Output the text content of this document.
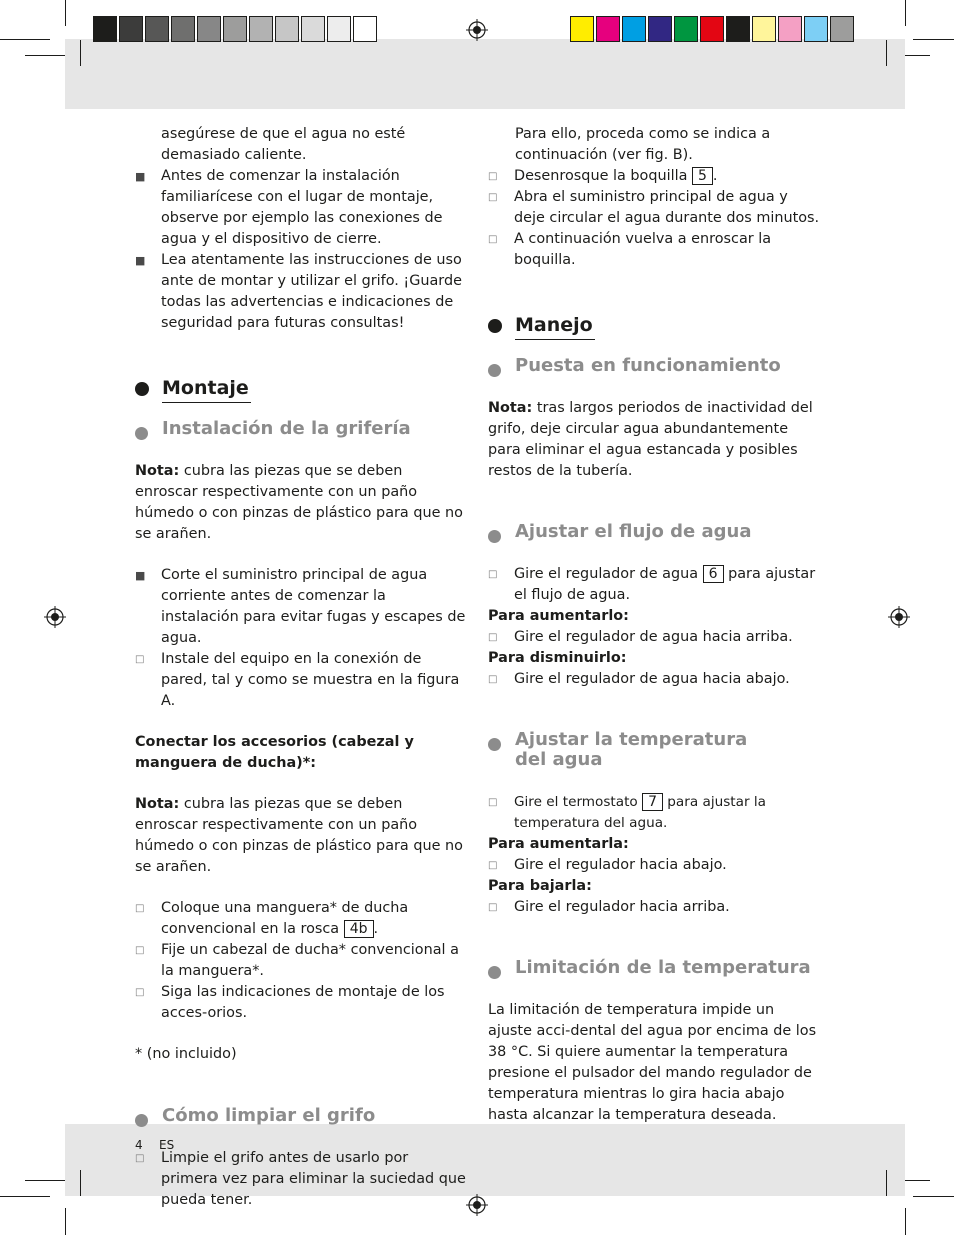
asegúrese de que el agua no esté demasiado caliente.

■ Antes de comenzar la instalación familiarícese con el lugar de montaje, observe por ejemplo las conexiones de agua y el dispositivo de cierre.
■ Lea atentamente las instrucciones de uso ante de montar y utilizar el grifo. ¡Guarde todas las advertencias e indicaciones de seguridad para futuras consultas!
Montaje
Instalación de la grifería

Nota: cubra las piezas que se deben enroscar respectivamente con un paño húmedo o con pinzas de plástico para que no se arañen.

■ Corte el suministro principal de agua corriente antes de comenzar la instalación para evitar fugas y escapes de agua.
□ Instale del equipo en la conexión de pared, tal y como se muestra en la figura A.

Conectar los accesorios (cabezal y manguera de ducha)*:

Nota: cubra las piezas que se deben enroscar respectivamente con un paño húmedo o con pinzas de plástico para que no se arañen.

□ Coloque una manguera* de ducha convencional en la rosca 4b .
□ Fije un cabezal de ducha* convencional a la manguera*.
□ Siga las indicaciones de montaje de los acces-orios.

* (no incluido)

Cómo limpiar el grifo
□ Limpie el grifo antes de usarlo por primera vez para eliminar la suciedad que pueda tener.

Para ello, proceda como se indica a continuación (ver fig. B).

□ Desenrosque la boquilla 5 .
□ Abra el suministro principal de agua y deje circular el agua durante dos minutos.
□ A continuación vuelva a enroscar la boquilla.
Manejo
Puesta en funcionamiento

Nota: tras largos periodos de inactividad del grifo, deje circular agua abundantemente para eliminar el agua estancada y posibles restos de la tubería.

Ajustar el flujo de agua
□ Gire el regulador de agua 6 para ajustar el flujo de agua.

Para aumentarlo:

□ Gire el regulador de agua hacia arriba.

Para disminuirlo:

□ Gire el regulador de agua hacia abajo.
Ajustar la temperatura
del agua
□ Gire el termostato 7 para ajustar la temperatura del agua.

Para aumentarla:

□ Gire el regulador hacia abajo.

Para bajarla:

□ Gire el regulador hacia arriba.
Limitación de la temperatura

La limitación de temperatura impide un ajuste acci-dental del agua por encima de los 38 °C. Si quiere aumentar la temperatura presione el pulsador del mando regulador de temperatura mientras lo gira hacia abajo hasta alcanzar la temperatura deseada.

4 ES
